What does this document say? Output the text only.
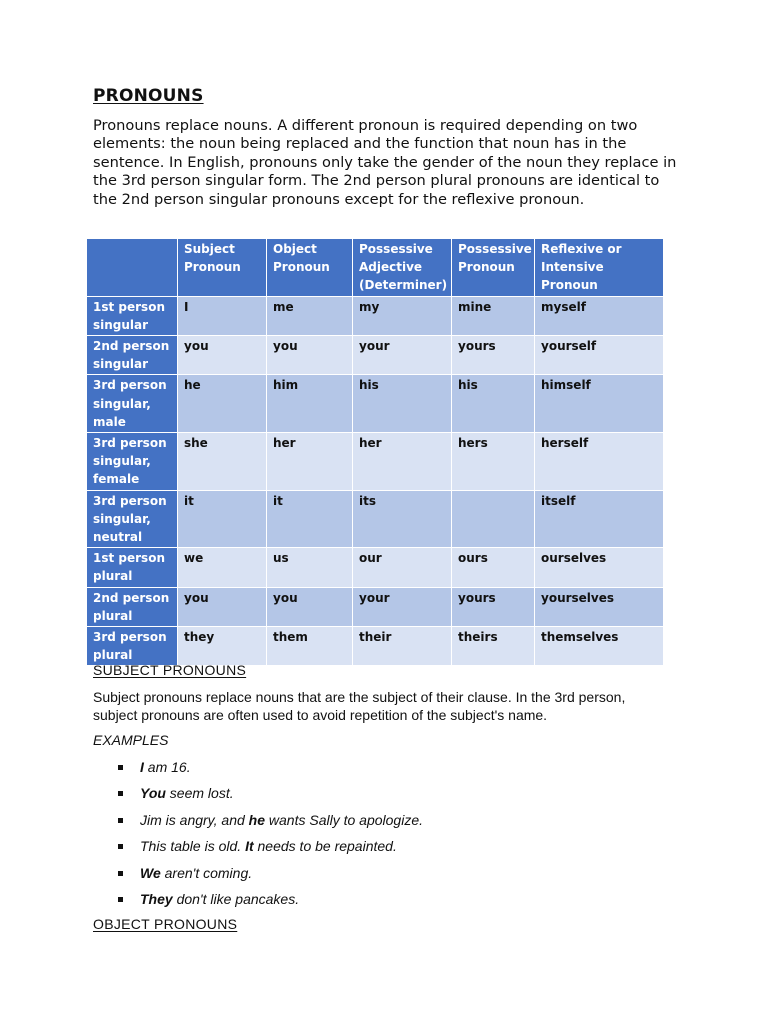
PRONOUNS

Pronouns replace nouns. A different pronoun is required depending on two elements: the noun being replaced and the function that noun has in the sentence. In English, pronouns only take the gender of the noun they replace in the 3rd person singular form. The 2nd person plural pronouns are identical to the 2nd person singular pronouns except for the reflexive pronoun.

	Subject Pronoun	Object Pronoun	Possessive Adjective (Determiner)	Possessive Pronoun	Reflexive or Intensive Pronoun
1st person singular	I	me	my	mine	myself
2nd person singular	you	you	your	yours	yourself
3rd person singular, male	he	him	his	his	himself
3rd person singular, female	she	her	her	hers	herself
3rd person singular, neutral	it	it	its		itself
1st person plural	we	us	our	ours	ourselves
2nd person plural	you	you	your	yours	yourselves
3rd person plural	they	them	their	theirs	themselves
SUBJECT PRONOUNS

Subject pronouns replace nouns that are the subject of their clause. In the 3rd person, subject pronouns are often used to avoid repetition of the subject's name.

EXAMPLES
I am 16.
You seem lost.
Jim is angry, and he wants Sally to apologize.
This table is old. It needs to be repainted.
We aren't coming.
They don't like pancakes.
OBJECT PRONOUNS
